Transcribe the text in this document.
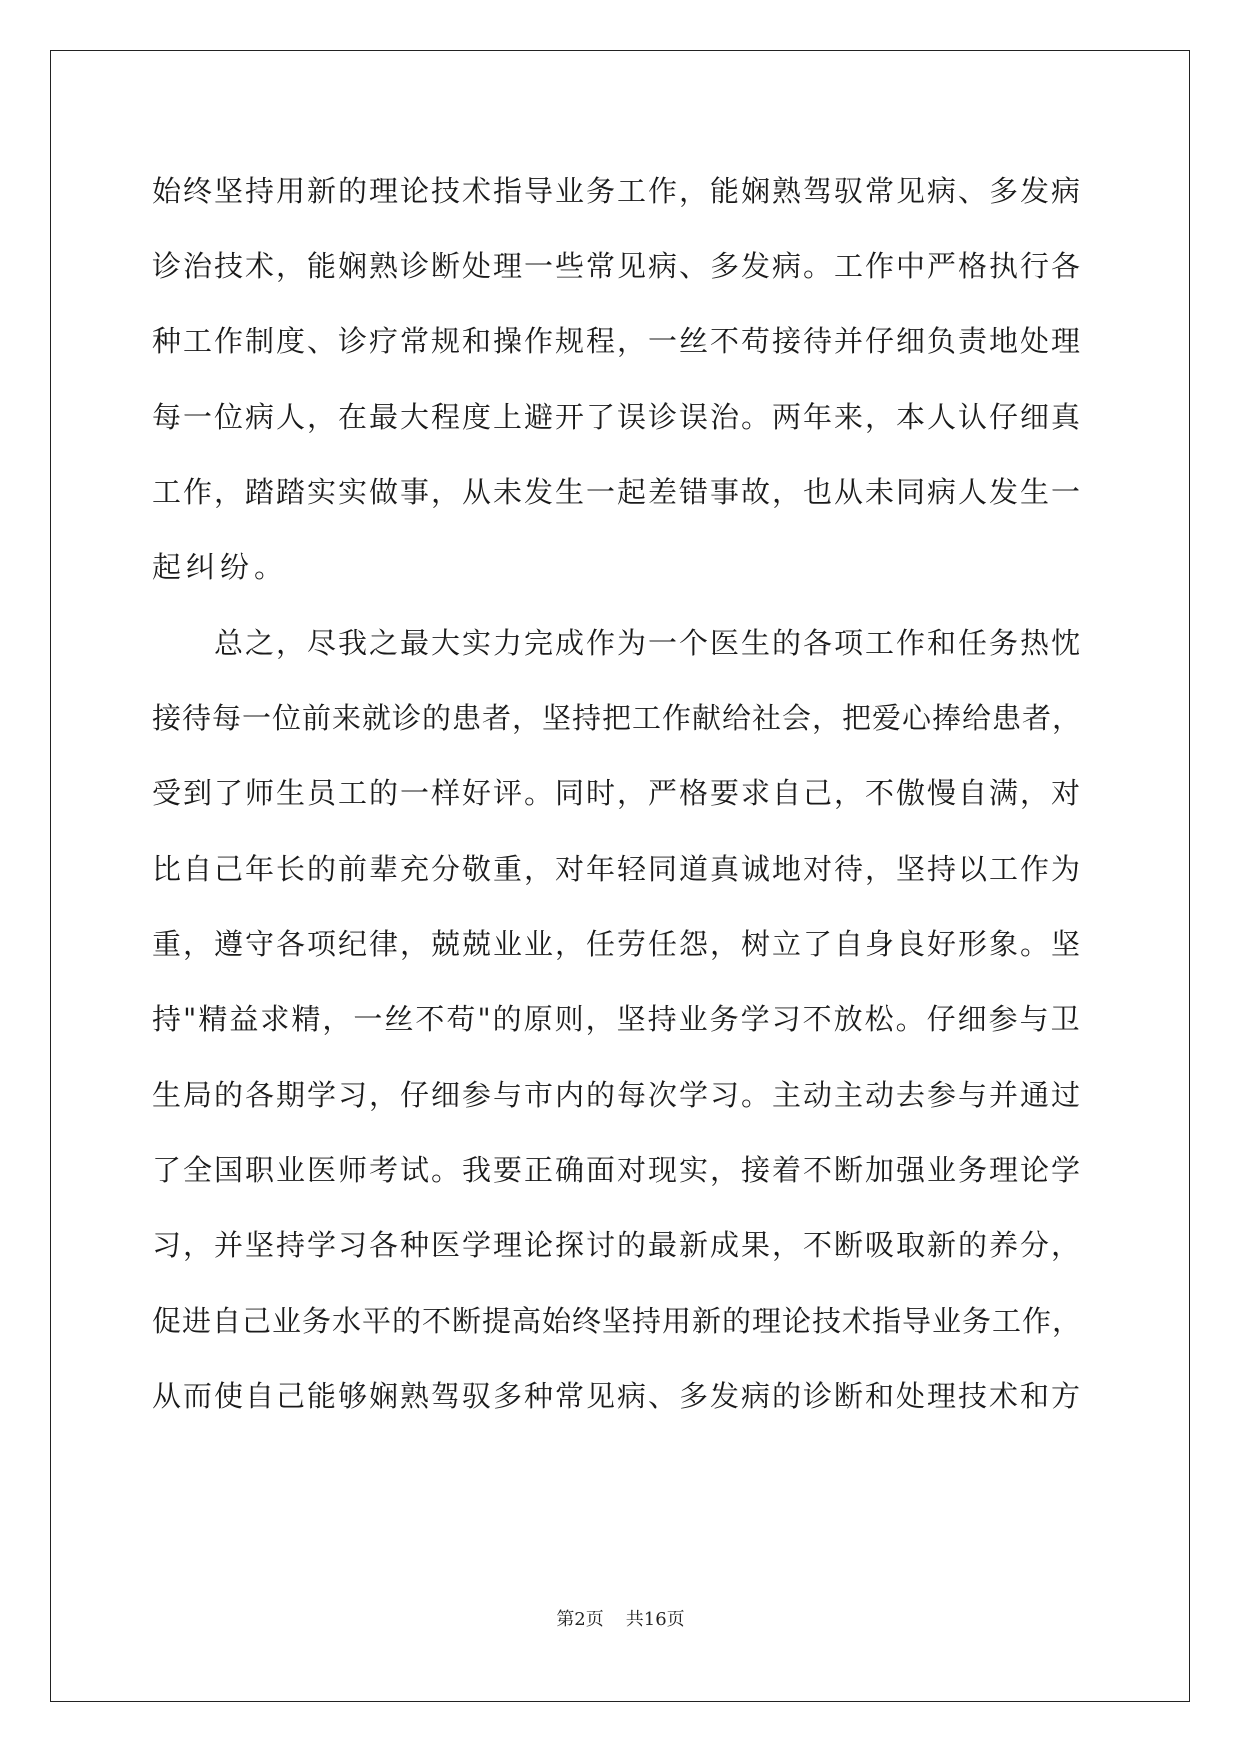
始终坚持用新的理论技术指导业务工作，能娴熟驾驭常见病、多发病
诊治技术，能娴熟诊断处理一些常见病、多发病。工作中严格执行各
种工作制度、诊疗常规和操作规程，一丝不苟接待并仔细负责地处理
每一位病人，在最大程度上避开了误诊误治。两年来，本人认仔细真
工作，踏踏实实做事，从未发生一起差错事故，也从未同病人发生一
起纠纷。
总之，尽我之最大实力完成作为一个医生的各项工作和任务热忱
接待每一位前来就诊的患者，坚持把工作献给社会，把爱心捧给患者，
受到了师生员工的一样好评。同时，严格要求自己，不傲慢自满，对
比自己年长的前辈充分敬重，对年轻同道真诚地对待，坚持以工作为
重，遵守各项纪律，兢兢业业，任劳任怨，树立了自身良好形象。坚
持"精益求精，一丝不苟"的原则，坚持业务学习不放松。仔细参与卫
生局的各期学习，仔细参与市内的每次学习。主动主动去参与并通过
了全国职业医师考试。我要正确面对现实，接着不断加强业务理论学
习，并坚持学习各种医学理论探讨的最新成果，不断吸取新的养分，
促进自己业务水平的不断提高始终坚持用新的理论技术指导业务工作，
从而使自己能够娴熟驾驭多种常见病、多发病的诊断和处理技术和方
第2页 共16页
